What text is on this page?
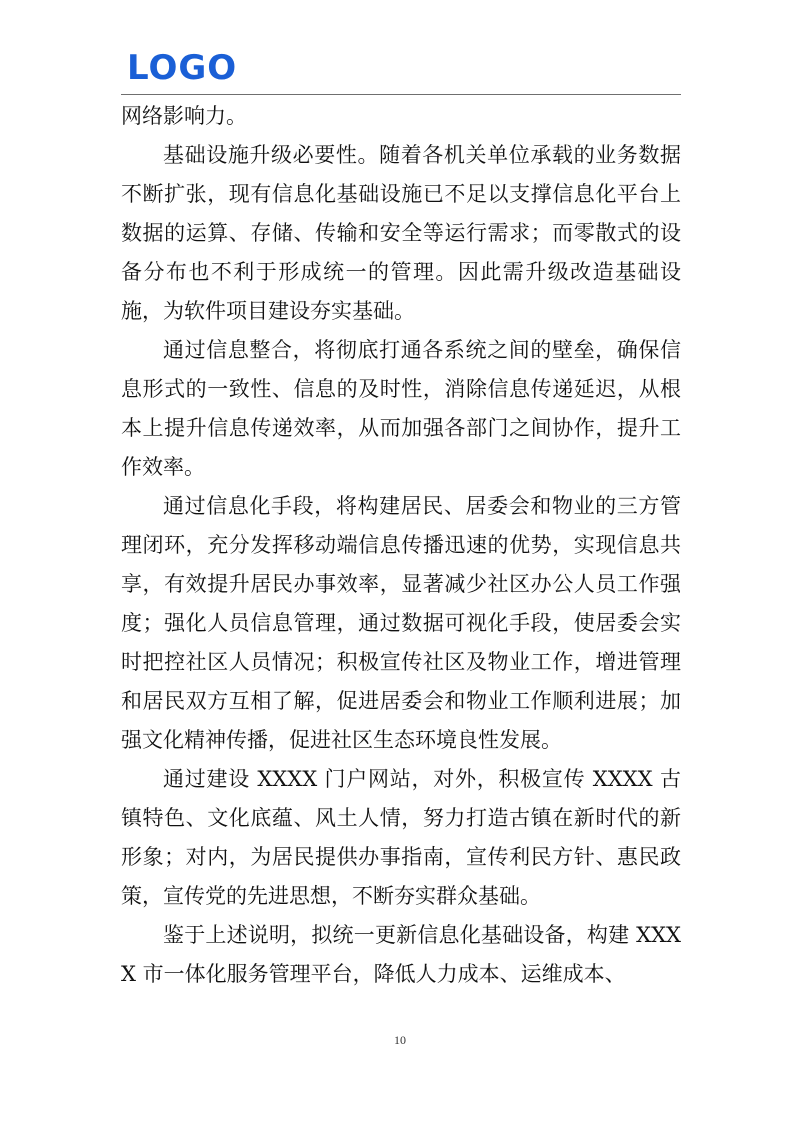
LOGO

网络影响力。

基础设施升级必要性。随着各机关单位承载的业务数据不断扩张，现有信息化基础设施已不足以支撑信息化平台上数据的运算、存储、传输和安全等运行需求；而零散式的设备分布也不利于形成统一的管理。因此需升级改造基础设施，为软件项目建设夯实基础。

通过信息整合，将彻底打通各系统之间的壁垒，确保信息形式的一致性、信息的及时性，消除信息传递延迟，从根本上提升信息传递效率，从而加强各部门之间协作，提升工作效率。

通过信息化手段，将构建居民、居委会和物业的三方管理闭环，充分发挥移动端信息传播迅速的优势，实现信息共享，有效提升居民办事效率，显著减少社区办公人员工作强度；强化人员信息管理，通过数据可视化手段，使居委会实时把控社区人员情况；积极宣传社区及物业工作，增进管理和居民双方互相了解，促进居委会和物业工作顺利进展；加强文化精神传播，促进社区生态环境良性发展。

通过建设 XXXX 门户网站，对外，积极宣传 XXXX 古镇特色、文化底蕴、风土人情，努力打造古镇在新时代的新形象；对内，为居民提供办事指南，宣传利民方针、惠民政策，宣传党的先进思想，不断夯实群众基础。

鉴于上述说明，拟统一更新信息化基础设备，构建 XXXX 市一体化服务管理平台，降低人力成本、运维成本、

10
